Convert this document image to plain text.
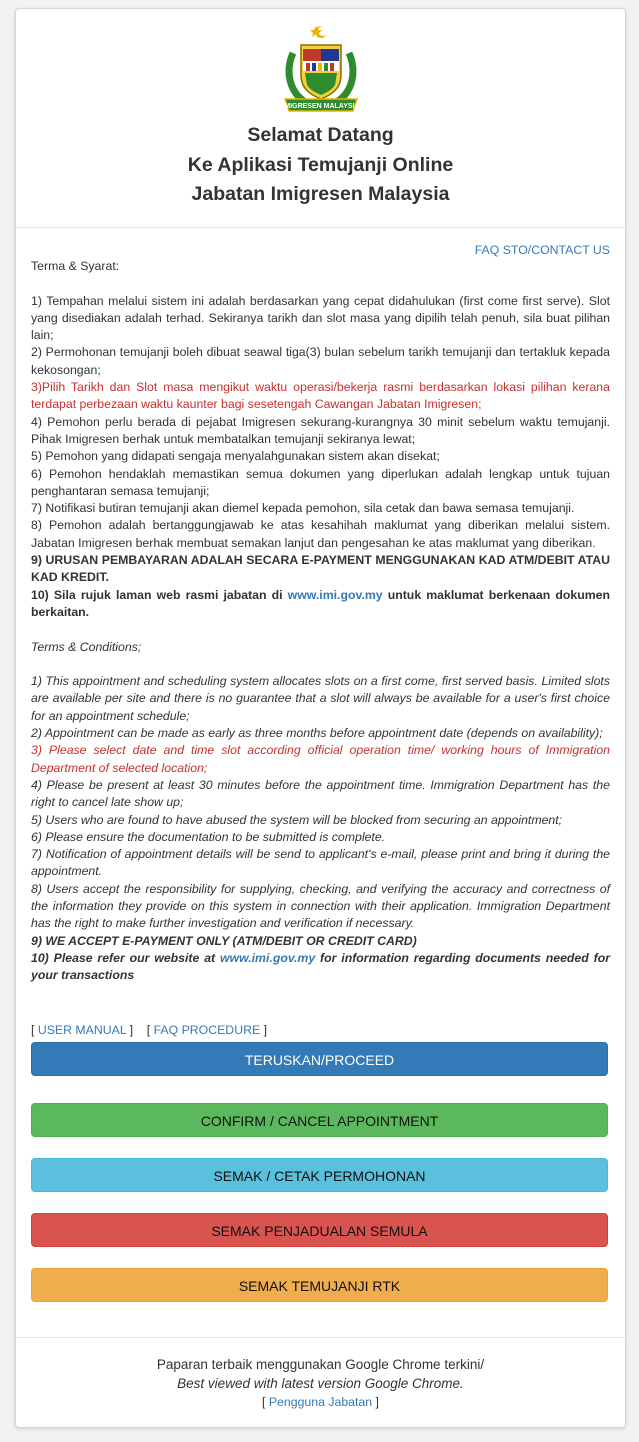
IMIGRESEN MALAYSIA
Selamat Datang
Ke Aplikasi Temujanji Online
Jabatan Imigresen Malaysia
FAQ STO/CONTACT US

Terma & Syarat:

1) Tempahan melalui sistem ini adalah berdasarkan yang cepat didahulukan (first come first serve). Slot yang disediakan adalah terhad. Sekiranya tarikh dan slot masa yang dipilih telah penuh, sila buat pilihan lain;

2) Permohonan temujanji boleh dibuat seawal tiga(3) bulan sebelum tarikh temujanji dan tertakluk kepada kekosongan;

3)Pilih Tarikh dan Slot masa mengikut waktu operasi/bekerja rasmi berdasarkan lokasi pilihan kerana terdapat perbezaan waktu kaunter bagi sesetengah Cawangan Jabatan Imigresen;

4) Pemohon perlu berada di pejabat Imigresen sekurang-kurangnya 30 minit sebelum waktu temujanji. Pihak Imigresen berhak untuk membatalkan temujanji sekiranya lewat;

5) Pemohon yang didapati sengaja menyalahgunakan sistem akan disekat;

6) Pemohon hendaklah memastikan semua dokumen yang diperlukan adalah lengkap untuk tujuan penghantaran semasa temujanji;

7) Notifikasi butiran temujanji akan diemel kepada pemohon, sila cetak dan bawa semasa temujanji.

8) Pemohon adalah bertanggungjawab ke atas kesahihah maklumat yang diberikan melalui sistem. Jabatan Imigresen berhak membuat semakan lanjut dan pengesahan ke atas maklumat yang diberikan.

9) URUSAN PEMBAYARAN ADALAH SECARA E-PAYMENT MENGGUNAKAN KAD ATM/DEBIT ATAU KAD KREDIT.

10) Sila rujuk laman web rasmi jabatan di www.imi.gov.my untuk maklumat berkenaan dokumen berkaitan.

Terms & Conditions;

1) This appointment and scheduling system allocates slots on a first come, first served basis. Limited slots are available per site and there is no guarantee that a slot will always be available for a user's first choice for an appointment schedule;

2) Appointment can be made as early as three months before appointment date (depends on availability);

3) Please select date and time slot according official operation time/ working hours of Immigration Department of selected location;

4) Please be present at least 30 minutes before the appointment time. Immigration Department has the right to cancel late show up;

5) Users who are found to have abused the system will be blocked from securing an appointment;

6) Please ensure the documentation to be submitted is complete.

7) Notification of appointment details will be send to applicant's e-mail, please print and bring it during the appointment.

8) Users accept the responsibility for supplying, checking, and verifying the accuracy and correctness of the information they provide on this system in connection with their application. Immigration Department has the right to make further investigation and verification if necessary.

9) WE ACCEPT E-PAYMENT ONLY (ATM/DEBIT OR CREDIT CARD)

10) Please refer our website at www.imi.gov.my for information regarding documents needed for your transactions

[ USER MANUAL ]    [ FAQ PROCEDURE ]
TERUSKAN/PROCEED
CONFIRM / CANCEL APPOINTMENT
SEMAK / CETAK PERMOHONAN
SEMAK PENJADUALAN SEMULA
SEMAK TEMUJANJI RTK
Paparan terbaik menggunakan Google Chrome terkini/
Best viewed with latest version Google Chrome.
[ Pengguna Jabatan ]
